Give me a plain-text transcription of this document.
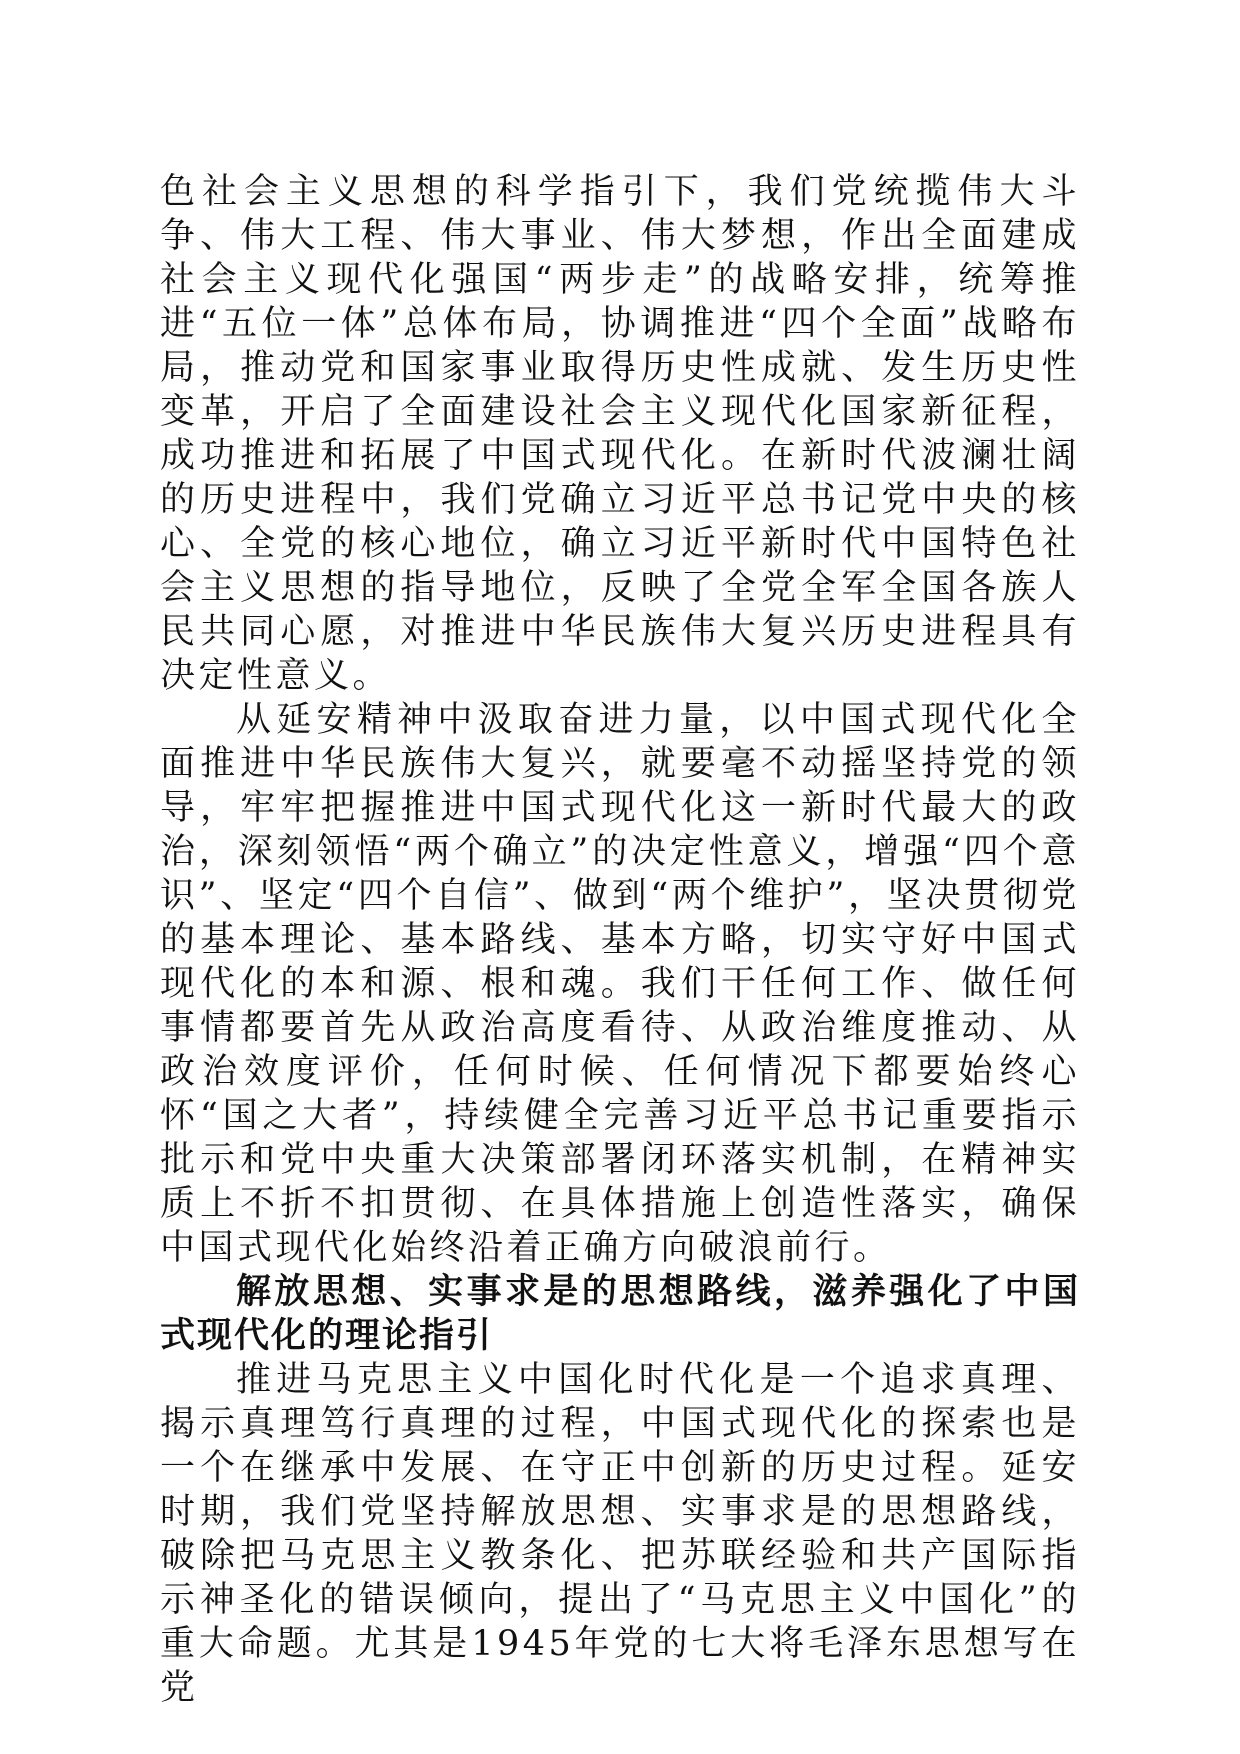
色社会主义思想的科学指引下，我们党统揽伟大斗争、伟大工程、伟大事业、伟大梦想，作出全面建成社会主义现代化强国“两步走”的战略安排，统筹推进“五位一体”总体布局，协调推进“四个全面”战略布局，推动党和国家事业取得历史性成就、发生历史性变革，开启了全面建设社会主义现代化国家新征程，成功推进和拓展了中国式现代化。在新时代波澜壮阔的历史进程中，我们党确立习近平总书记党中央的核心、全党的核心地位，确立习近平新时代中国特色社会主义思想的指导地位，反映了全党全军全国各族人民共同心愿，对推进中华民族伟大复兴历史进程具有决定性意义。

从延安精神中汲取奋进力量，以中国式现代化全面推进中华民族伟大复兴，就要毫不动摇坚持党的领导，牢牢把握推进中国式现代化这一新时代最大的政治，深刻领悟“两个确立”的决定性意义，增强“四个意识”、坚定“四个自信”、做到“两个维护”，坚决贯彻党的基本理论、基本路线、基本方略，切实守好中国式现代化的本和源、根和魂。我们干任何工作、做任何事情都要首先从政治高度看待、从政治维度推动、从政治效度评价，任何时候、任何情况下都要始终心怀“国之大者”，持续健全完善习近平总书记重要指示批示和党中央重大决策部署闭环落实机制，在精神实质上不折不扣贯彻、在具体措施上创造性落实，确保中国式现代化始终沿着正确方向破浪前行。

解放思想、实事求是的思想路线，滋养强化了中国式现代化的理论指引

推进马克思主义中国化时代化是一个追求真理、揭示真理笃行真理的过程，中国式现代化的探索也是一个在继承中发展、在守正中创新的历史过程。延安时期，我们党坚持解放思想、实事求是的思想路线，破除把马克思主义教条化、把苏联经验和共产国际指示神圣化的错误倾向，提出了“马克思主义中国化”的重大命题。尤其是1945年党的七大将毛泽东思想写在党
